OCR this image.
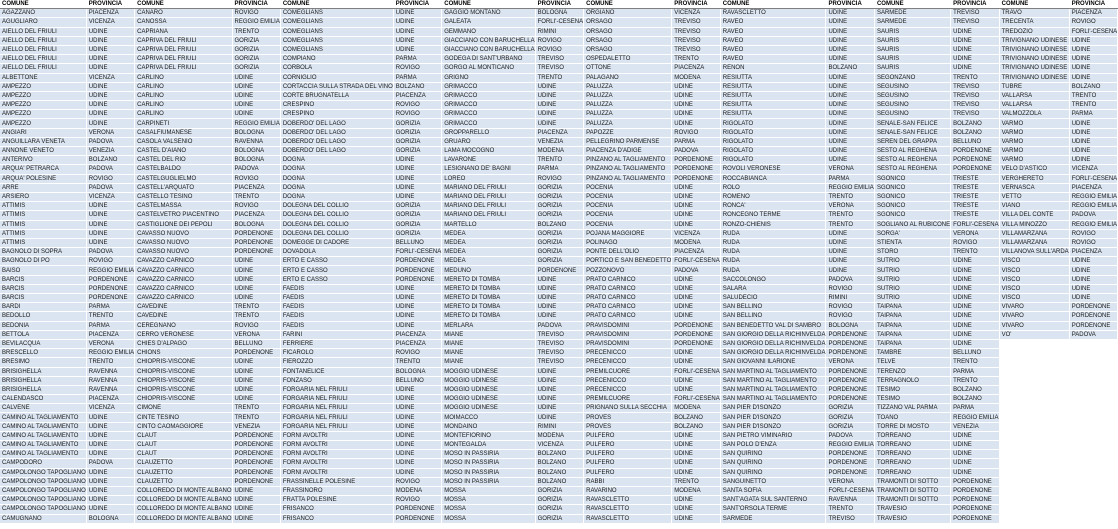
COMUNE	PROVINCIA	COMUNE	PROVINCIA	COMUNE	PROVINCIA	COMUNE	PROVINCIA	COMUNE	PROVINCIA	COMUNE	PROVINCIA	COMUNE	PROVINCIA	COMUNE	PROVINCIA
AGAZZANO	PIACENZA	CANARO	ROVIGO	COMEGLIANS	UDINE	GAGGIO MONTANO	BOLOGNA	ORGIANO	VICENZA	RAVASCLETTO	UDINE	SARMEDE	TREVISO	TRAVO	PIACENZA
AGUGLIARO	VICENZA	CANOSSA	REGGIO EMILIA	COMEGLIANS	UDINE	GALEATA	FORLI'-CESENA	ORSAGO	TREVISO	RAVEO	UDINE	SARMEDE	TREVISO	TRECENTA	ROVIGO
AIELLO DEL FRIULI	UDINE	CAPRIANA	TRENTO	COMEGLIANS	UDINE	GEMMANO	RIMINI	ORSAGO	TREVISO	RAVEO	UDINE	SAURIS	UDINE	TREDOZIO	FORLI'-CESENA
AIELLO DEL FRIULI	UDINE	CAPRIVA DEL FRIULI	GORIZIA	COMEGLIANS	UDINE	GIACCIANO CON BARUCHELLA	ROVIGO	ORSAGO	TREVISO	RAVEO	UDINE	SAURIS	UDINE	TRIVIGNANO UDINESE	UDINE
AIELLO DEL FRIULI	UDINE	CAPRIVA DEL FRIULI	GORIZIA	COMEGLIANS	UDINE	GIACCIANO CON BARUCHELLA	ROVIGO	ORSAGO	TREVISO	RAVEO	UDINE	SAURIS	UDINE	TRIVIGNANO UDINESE	UDINE
AIELLO DEL FRIULI	UDINE	CAPRIVA DEL FRIULI	GORIZIA	COMPIANO	PARMA	GODEGA DI SANT'URBANO	TREVISO	OSPEDALETTO	TRENTO	RAVEO	UDINE	SAURIS	UDINE	TRIVIGNANO UDINESE	UDINE
AIELLO DEL FRIULI	UDINE	CAPRIVA DEL FRIULI	GORIZIA	CORBOLA	ROVIGO	GORGO AL MONTICANO	TREVISO	OTTONE	PIACENZA	RENON	BOLZANO	SAURIS	UDINE	TRIVIGNANO UDINESE	UDINE
ALBETTONE	VICENZA	CARLINO	UDINE	CORNIGLIO	PARMA	GRIGNO	TRENTO	PALAGANO	MODENA	RESIUTTA	UDINE	SEGONZANO	TRENTO	TRIVIGNANO UDINESE	UDINE
AMPEZZO	UDINE	CARLINO	UDINE	CORTACCIA SULLA STRADA DEL VINO	BOLZANO	GRIMACCO	UDINE	PALUZZA	UDINE	RESIUTTA	UDINE	SEGUSINO	TREVISO	TUBRE	BOLZANO
AMPEZZO	UDINE	CARLINO	UDINE	CORTE BRUGNATELLA	PIACENZA	GRIMACCO	UDINE	PALUZZA	UDINE	RESIUTTA	UDINE	SEGUSINO	TREVISO	VALLARSA	TRENTO
AMPEZZO	UDINE	CARLINO	UDINE	CRESPINO	ROVIGO	GRIMACCO	UDINE	PALUZZA	UDINE	RESIUTTA	UDINE	SEGUSINO	TREVISO	VALLARSA	TRENTO
AMPEZZO	UDINE	CARLINO	UDINE	CRESPINO	ROVIGO	GRIMACCO	UDINE	PALUZZA	UDINE	RESIUTTA	UDINE	SEGUSINO	TREVISO	VALMOZZOLA	PARMA
AMPEZZO	UDINE	CARPINETI	REGGIO EMILIA	DOBERDO' DEL LAGO	GORIZIA	GRIMACCO	UDINE	PALUZZA	UDINE	RIGOLATO	UDINE	SENALE-SAN FELICE	BOLZANO	VARMO	UDINE
ANGIARI	VERONA	CASALFIUMANESE	BOLOGNA	DOBERDO' DEL LAGO	GORIZIA	GROPPARELLO	PIACENZA	PAPOZZE	ROVIGO	RIGOLATO	UDINE	SENALE-SAN FELICE	BOLZANO	VARMO	UDINE
ANGUILLARA VENETA	PADOVA	CASOLA VALSENIO	RAVENNA	DOBERDO' DEL LAGO	GORIZIA	GRUARO	VENEZIA	PELLEGRINO PARMENSE	PARMA	RIGOLATO	UDINE	SEREN DEL GRAPPA	BELLUNO	VARMO	UDINE
ANNONE VENETO	VENEZIA	CASTEL D'AIANO	BOLOGNA	DOBERDO' DEL LAGO	GORIZIA	LAMA MOCOGNO	MODENA	PIACENZA D'ADIGE	PADOVA	RIGOLATO	UDINE	SESTO AL REGHENA	PORDENONE	VARMO	UDINE
ANTERIVO	BOLZANO	CASTEL DEL RIO	BOLOGNA	DOGNA	UDINE	LAVARONE	TRENTO	PINZANO AL TAGLIAMENTO	PORDENONE	RIGOLATO	UDINE	SESTO AL REGHENA	PORDENONE	VARMO	UDINE
ARQUA' PETRARCA	PADOVA	CASTELBALDO	PADOVA	DOGNA	UDINE	LESIGNANO DE' BAGNI	PARMA	PINZANO AL TAGLIAMENTO	PORDENONE	ROVOLI VERONESE	VERONA	SESTO AL REGHENA	PORDENONE	VELO D'ASTICO	VICENZA
ARQUA' POLESINE	ROVIGO	CASTELGUGLIELMO	ROVIGO	DOGNA	UDINE	LOREO	ROVIGO	PINZANO AL TAGLIAMENTO	PORDENONE	ROCCABIANCA	PARMA	SGONICO	TRIESTE	VERGHERETO	FORLI'-CESENA
ARRE	PADOVA	CASTELL'ARQUATO	PIACENZA	DOGNA	UDINE	MARIANO DEL FRIULI	GORIZIA	POCENIA	UDINE	ROLO	REGGIO EMILIA	SGONICO	TRIESTE	VERNASCA	PIACENZA
ARSIERO	VICENZA	CASTELLO TESINO	TRENTO	DOGNA	UDINE	MARIANO DEL FRIULI	GORIZIA	POCENIA	UDINE	ROMENO	TRENTO	SGONICO	TRIESTE	VETTO	REGGIO EMILIA
ATTIMIS	UDINE	CASTELMASSA	ROVIGO	DOLEGNA DEL COLLIO	GORIZIA	MARIANO DEL FRIULI	GORIZIA	POCENIA	UDINE	RONCA'	VERONA	SGONICO	TRIESTE	VIANO	REGGIO EMILIA
ATTIMIS	UDINE	CASTELVETRO PIACENTINO	PIACENZA	DOLEGNA DEL COLLIO	GORIZIA	MARIANO DEL FRIULI	GORIZIA	POCENIA	UDINE	RONCEGNO TERME	TRENTO	SGONICO	TRIESTE	VILLA DEL CONTE	PADOVA
ATTIMIS	UDINE	CASTIGLIONE DEI PEPOLI	BOLOGNA	DOLEGNA DEL COLLIO	GORIZIA	MARTELLO	BOLZANO	POCENIA	UDINE	RONZO-CHIENIS	TRENTO	SOGLIANO AL RUBICONE	FORLI'-CESENA	VILLA MINOZZO	REGGIO EMILIA
ATTIMIS	UDINE	CAVASSO NUOVO	PORDENONE	DOLEGNA DEL COLLIO	GORIZIA	MEDEA	GORIZIA	POJANA MAGGIORE	VICENZA	RUDA	UDINE	SORGA'	VERONA	VILLAMARZANA	ROVIGO
ATTIMIS	UDINE	CAVASSO NUOVO	PORDENONE	DOMEGGE DI CADORE	BELLUNO	MEDEA	GORIZIA	POLINAGO	MODENA	RUDA	UDINE	STIENTA	ROVIGO	VILLAMARZANA	ROVIGO
BAGNOLO DI SOPRA	PADOVA	CAVASSO NUOVO	PORDENONE	DOVADOLA	FORLI'-CESENA	MEDEA	GORIZIA	PONTE DELL'OLIO	PIACENZA	RUDA	UDINE	STORO	TRENTO	VILLANOVA SULL'ARDA	PIACENZA
BAGNOLO DI PO	ROVIGO	CAVAZZO CARNICO	UDINE	ERTO E CASSO	PORDENONE	MEDEA	GORIZIA	PORTICO E SAN BENEDETTO	FORLI'-CESENA	RUDA	UDINE	SUTRIO	UDINE	VISCO	UDINE
BAISO	REGGIO EMILIA	CAVAZZO CARNICO	UDINE	ERTO E CASSO	PORDENONE	MEDUNO	PORDENONE	POZZONOVO	PADOVA	RUDA	UDINE	SUTRIO	UDINE	VISCO	UDINE
BARCIS	PORDENONE	CAVAZZO CARNICO	UDINE	ERTO E CASSO	PORDENONE	MERETO DI TOMBA	UDINE	PRATO CARNICO	UDINE	SACCOLONGO	PADOVA	SUTRIO	UDINE	VISCO	UDINE
BARCIS	PORDENONE	CAVAZZO CARNICO	UDINE	FAEDIS	UDINE	MERETO DI TOMBA	UDINE	PRATO CARNICO	UDINE	SALARA	ROVIGO	SUTRIO	UDINE	VISCO	UDINE
BARCIS	PORDENONE	CAVAZZO CARNICO	UDINE	FAEDIS	UDINE	MERETO DI TOMBA	UDINE	PRATO CARNICO	UDINE	SALUDECIO	RIMINI	SUTRIO	UDINE	VISCO	UDINE
BARDI	PARMA	CAVEDINE	TRENTO	FAEDIS	UDINE	MERETO DI TOMBA	UDINE	PRATO CARNICO	UDINE	SAN BELLINO	ROVIGO	TAIPANA	UDINE	VIVARO	PORDENONE
BEDOLLO	TRENTO	CAVEDINE	TRENTO	FAEDIS	UDINE	MERETO DI TOMBA	UDINE	PRATO CARNICO	UDINE	SAN BELLINO	ROVIGO	TAIPANA	UDINE	VIVARO	PORDENONE
BEDONIA	PARMA	CEREGNANO	ROVIGO	FAEDIS	UDINE	MERLARA	PADOVA	PRAVISDOMINI	PORDENONE	SAN BENEDETTO VAL DI SAMBRO	BOLOGNA	TAIPANA	UDINE	VIVARO	PORDENONE
BETTOLA	PIACENZA	CERRO VERONESE	VERONA	FARINI	PIACENZA	MIANE	TREVISO	PRAVISDOMINI	PORDENONE	SAN GIORGIO DELLA RICHINVELDA	PORDENONE	TAIPANA	UDINE	VO'	PADOVA
BEVILACQUA	VERONA	CHIES D'ALPAGO	BELLUNO	FERRIERE	PIACENZA	MIANE	TREVISO	PRAVISDOMINI	PORDENONE	SAN GIORGIO DELLA RICHINVELDA	PORDENONE	TAIPANA	UDINE		
BRESCELLO	REGGIO EMILIA	CHIONS	PORDENONE	FICAROLO	ROVIGO	MIANE	TREVISO	PRECENICCO	UDINE	SAN GIORGIO DELLA RICHINVELDA	PORDENONE	TAMBRE	BELLUNO		
BRESIMO	TRENTO	CHIOPRIS-VISCONE	UDINE	FIEROZZO	TRENTO	MIANE	TREVISO	PRECENICCO	UDINE	SAN GIOVANNI ILARIONE	VERONA	TELVE	TRENTO		
BRISIGHELLA	RAVENNA	CHIOPRIS-VISCONE	UDINE	FONTANELICE	BOLOGNA	MOGGIO UDINESE	UDINE	PREMILCUORE	FORLI'-CESENA	SAN MARTINO AL TAGLIAMENTO	PORDENONE	TERENZO	PARMA		
BRISIGHELLA	RAVENNA	CHIOPRIS-VISCONE	UDINE	FONZASO	BELLUNO	MOGGIO UDINESE	UDINE	PRECENICCO	UDINE	SAN MARTINO AL TAGLIAMENTO	PORDENONE	TERRAGNOLO	TRENTO		
BRISIGHELLA	RAVENNA	CHIOPRIS-VISCONE	UDINE	FORGARIA NEL FRIULI	UDINE	MOGGIO UDINESE	UDINE	PRECENICCO	UDINE	SAN MARTINO AL TAGLIAMENTO	PORDENONE	TESIMO	BOLZANO		
CALENDASCO	PIACENZA	CHIOPRIS-VISCONE	UDINE	FORGARIA NEL FRIULI	UDINE	MOGGIO UDINESE	UDINE	PREMILCUORE	FORLI'-CESENA	SAN MARTINO AL TAGLIAMENTO	PORDENONE	TESIMO	BOLZANO		
CALVENE	VICENZA	CIMONE	TRENTO	FORGARIA NEL FRIULI	UDINE	MOGGIO UDINESE	UDINE	PRIGNANO SULLA SECCHIA	MODENA	SAN PIER D'ISONZO	GORIZIA	TIZZANO VAL PARMA	PARMA		
CAMINO AL TAGLIAMENTO	UDINE	CINTE TESINO	TRENTO	FORGARIA NEL FRIULI	UDINE	MOIMACCO	UDINE	PROVES	BOLZANO	SAN PIER D'ISONZO	GORIZIA	TOANO	REGGIO EMILIA		
CAMINO AL TAGLIAMENTO	UDINE	CINTO CAOMAGGIORE	VENEZIA	FORGARIA NEL FRIULI	UDINE	MONDAINO	RIMINI	PROVES	BOLZANO	SAN PIER D'ISONZO	GORIZIA	TORRE DI MOSTO	VENEZIA		
CAMINO AL TAGLIAMENTO	UDINE	CLAUT	PORDENONE	FORNI AVOLTRI	UDINE	MONTEFIORINO	MODENA	PULFERO	UDINE	SAN PIETRO VIMINARIO	PADOVA	TORREANO	UDINE		
CAMINO AL TAGLIAMENTO	UDINE	CLAUT	PORDENONE	FORNI AVOLTRI	UDINE	MONTEGALDA	VICENZA	PULFERO	UDINE	SAN POLO D'ENZA	REGGIO EMILIA	TORREANO	UDINE		
CAMINO AL TAGLIAMENTO	UDINE	CLAUT	PORDENONE	FORNI AVOLTRI	UDINE	MOSO IN PASSIRIA	BOLZANO	PULFERO	UDINE	SAN QUIRINO	PORDENONE	TORREANO	UDINE		
CAMPODORO	PADOVA	CLAUZETTO	PORDENONE	FORNI AVOLTRI	UDINE	MOSO IN PASSIRIA	BOLZANO	PULFERO	UDINE	SAN QUIRINO	PORDENONE	TORREANO	UDINE		
CAMPOLONGO TAPOGLIANO	UDINE	CLAUZETTO	PORDENONE	FORNI AVOLTRI	UDINE	MOSO IN PASSIRIA	BOLZANO	PULFERO	UDINE	SAN QUIRINO	PORDENONE	TORREANO	UDINE		
CAMPOLONGO TAPOGLIANO	UDINE	CLAUZETTO	PORDENONE	FRASSINELLE POLESINE	ROVIGO	MOSO IN PASSIRIA	BOLZANO	RABBI	TRENTO	SANGUINETTO	VERONA	TRAMONTI DI SOTTO	PORDENONE		
CAMPOLONGO TAPOGLIANO	UDINE	COLLOREDO DI MONTE ALBANO	UDINE	FRASSINORO	MODENA	MOSSA	GORIZIA	RAVARINO	MODENA	SANTA SOFIA	FORLI'-CESENA	TRAMONTI DI SOTTO	PORDENONE		
CAMPOLONGO TAPOGLIANO	UDINE	COLLOREDO DI MONTE ALBANO	UDINE	FRATTA POLESINE	ROVIGO	MOSSA	GORIZIA	RAVASCLETTO	UDINE	SANT'AGATA SUL SANTERNO	RAVENNA	TRAMONTI DI SOTTO	PORDENONE		
CAMPOLONGO TAPOGLIANO	UDINE	COLLOREDO DI MONTE ALBANO	UDINE	FRISANCO	PORDENONE	MOSSA	GORIZIA	RAVASCLETTO	UDINE	SANT'ORSOLA TERME	TRENTO	TRAVESIO	PORDENONE		
CAMUGNANO	BOLOGNA	COLLOREDO DI MONTE ALBANO	UDINE	FRISANCO	PORDENONE	MOSSA	GORIZIA	RAVASCLETTO	UDINE	SARMEDE	TREVISO	TRAVESIO	PORDENONE		
